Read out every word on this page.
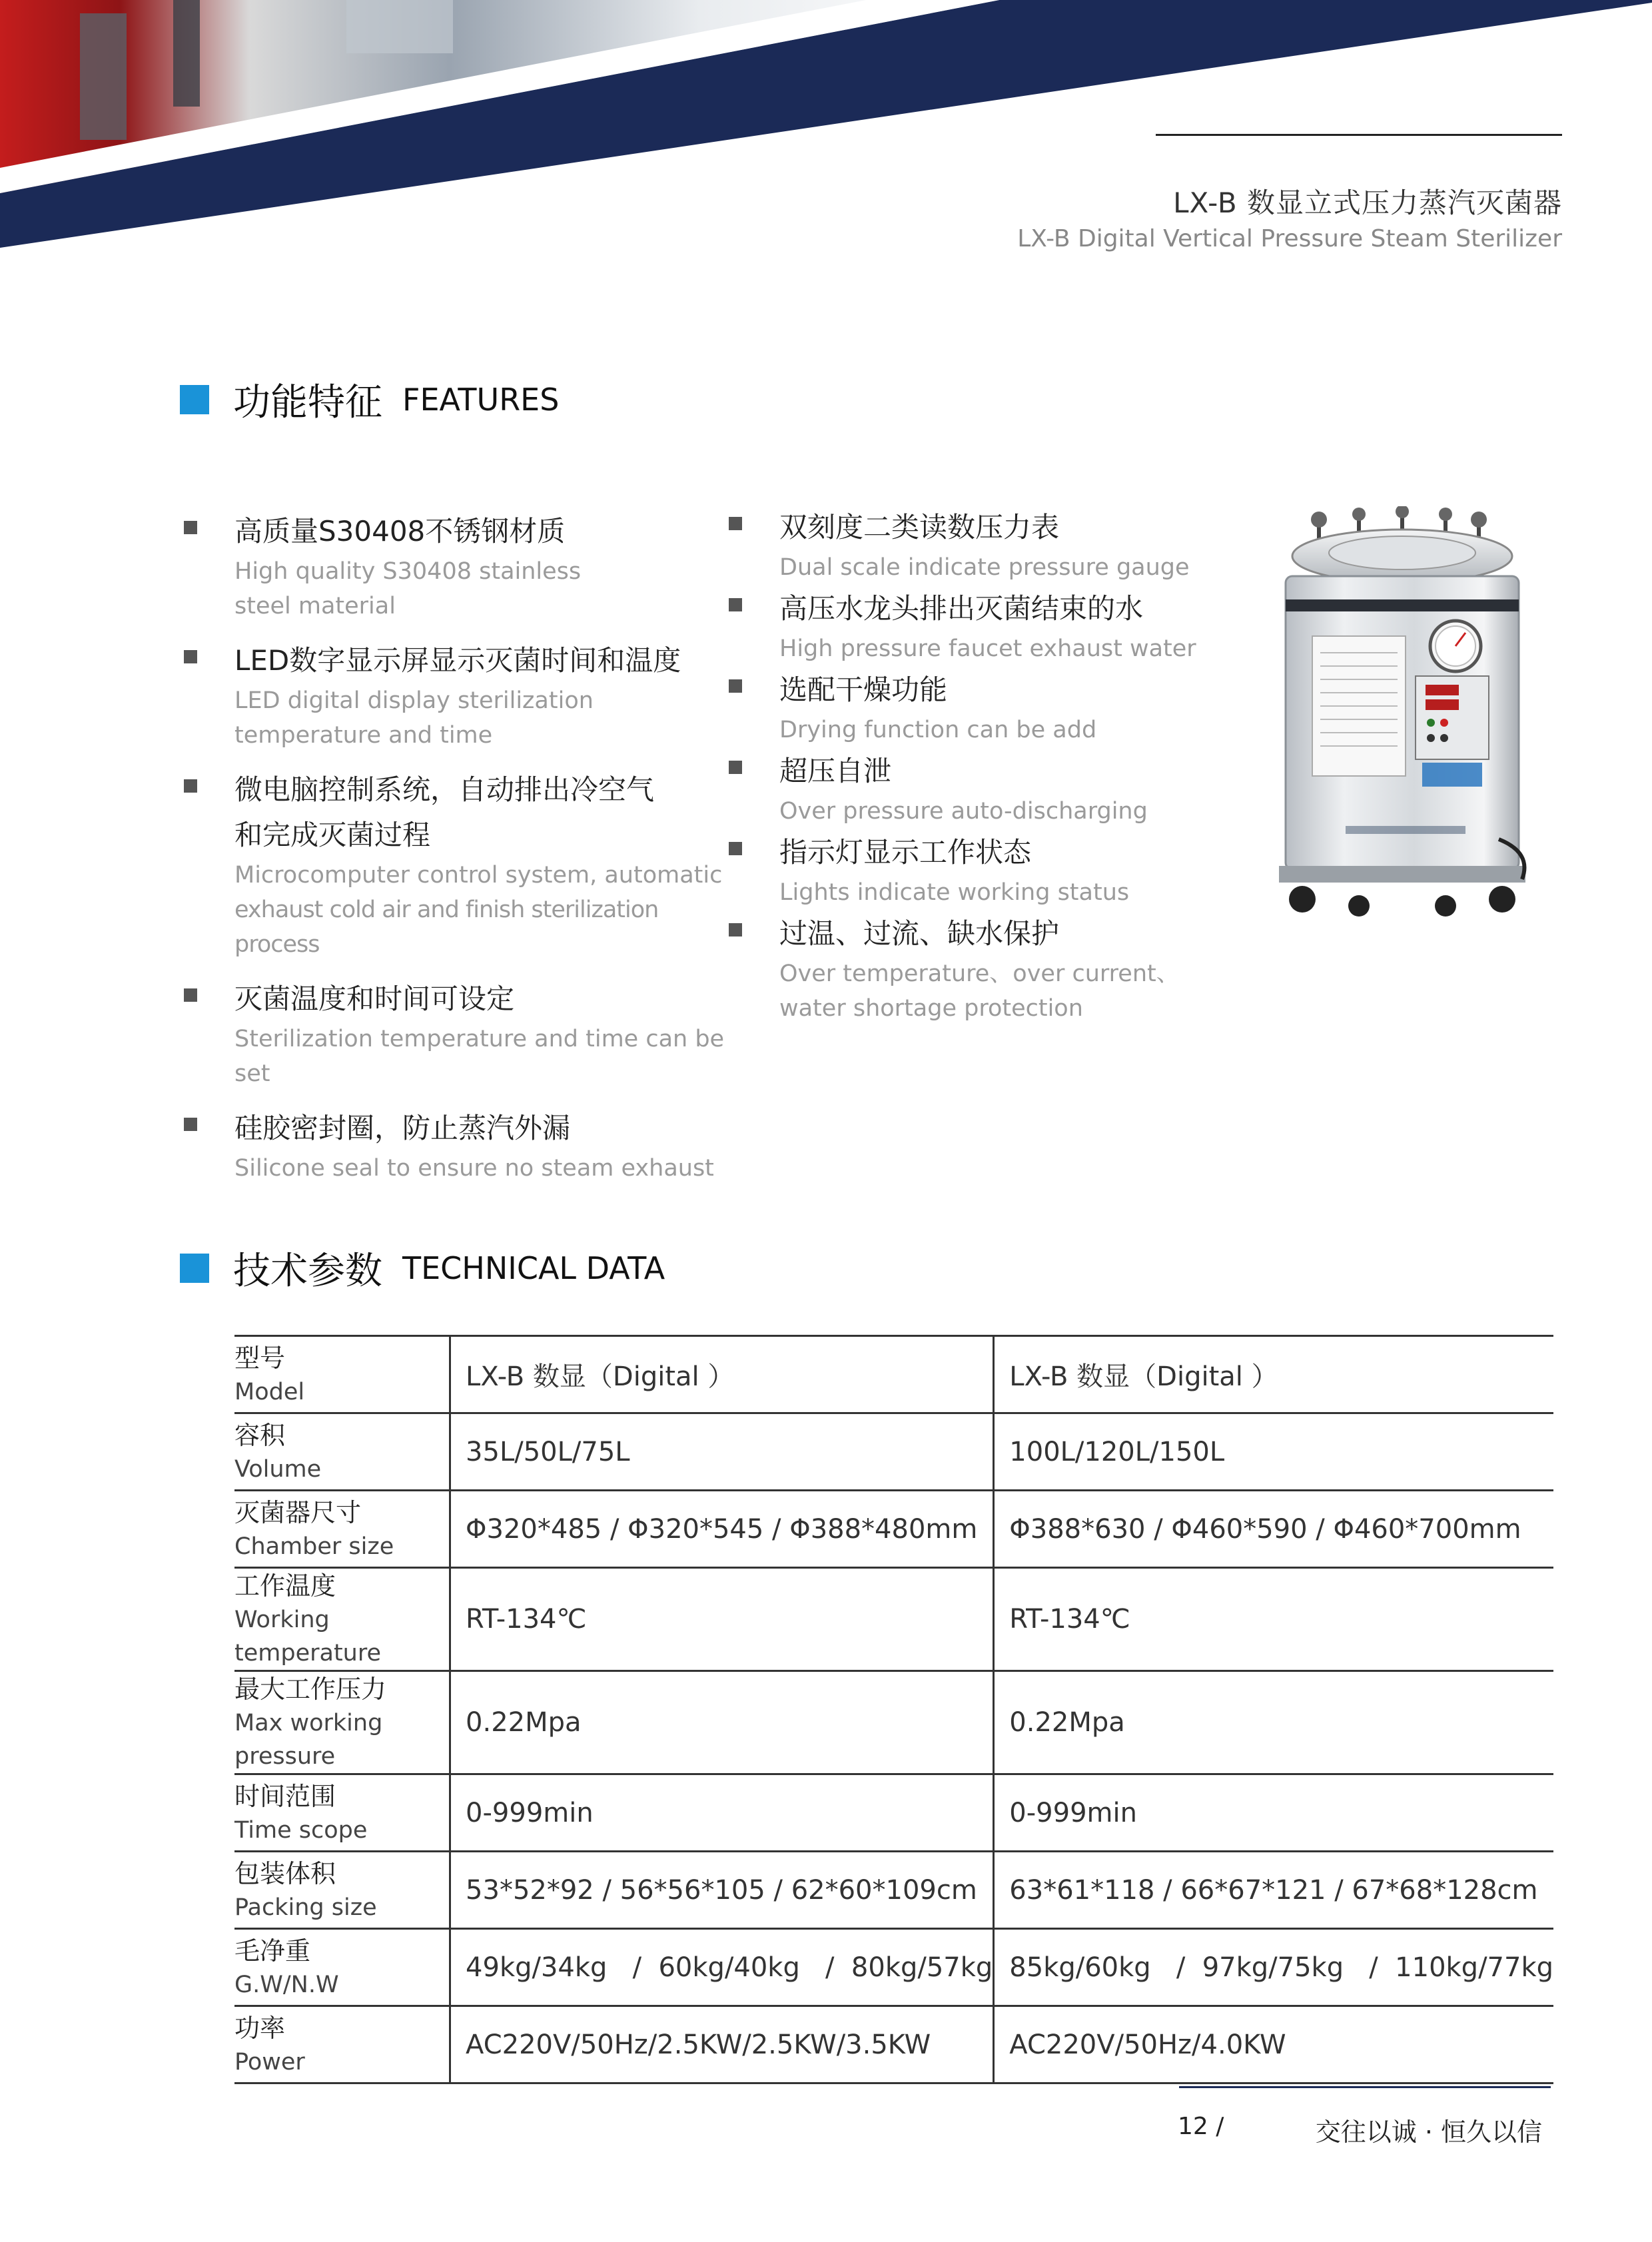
LX-B 数显立式压力蒸汽灭菌器
LX-B Digital Vertical Pressure Steam Sterilizer
功能特征 FEATURES
高质量S30408不锈钢材质
High quality S30408 stainless
steel material
LED数字显示屏显示灭菌时间和温度
LED digital display sterilization
temperature and time
微电脑控制系统，自动排出冷空气
和完成灭菌过程
Microcomputer control system, automatic
exhaust cold air and finish sterilization process
灭菌温度和时间可设定
Sterilization temperature and time can be set
硅胶密封圈，防止蒸汽外漏
Silicone seal to ensure no steam exhaust
双刻度二类读数压力表
Dual scale indicate pressure gauge
高压水龙头排出灭菌结束的水
High pressure faucet exhaust water
选配干燥功能
Drying function can be add
超压自泄
Over pressure auto-discharging
指示灯显示工作状态
Lights indicate working status
过温、过流、缺水保护
Over temperature、over current、
water shortage protection
技术参数 TECHNICAL DATA
型号
Model	LX-B 数显（Digital ）	LX-B 数显（Digital ）

容积
Volume	35L/50L/75L	100L/120L/150L

灭菌器尺寸
Chamber size	Φ320*485 / Φ320*545 / Φ388*480mm	Φ388*630 / Φ460*590 / Φ460*700mm

工作温度
Working temperature	RT-134℃	RT-134℃

最大工作压力
Max working pressure	0.22Mpa	0.22Mpa

时间范围
Time scope	0-999min	0-999min

包装体积
Packing size	53*52*92 / 56*56*105 / 62*60*109cm	63*61*118 / 66*67*121 / 67*68*128cm

毛净重
G.W/N.W	49kg/34kg   /  60kg/40kg   /  80kg/57kg	85kg/60kg   /  97kg/75kg   /  110kg/77kg

功率
Power	AC220V/50Hz/2.5KW/2.5KW/3.5KW	AC220V/50Hz/4.0KW
12 /	交往以诚 · 恒久以信
